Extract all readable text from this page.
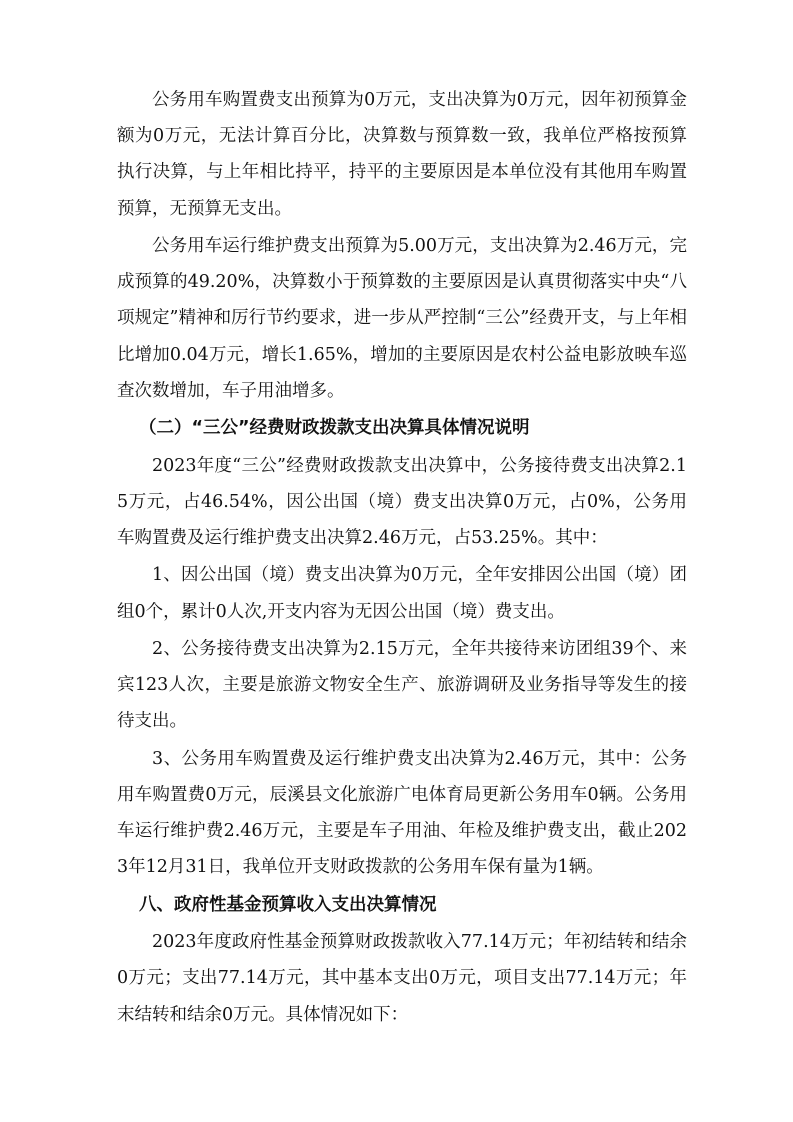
公务用车购置费支出预算为0万元，支出决算为0万元，因年初预算金额为0万元，无法计算百分比，决算数与预算数一致，我单位严格按预算执行决算，与上年相比持平，持平的主要原因是本单位没有其他用车购置预算，无预算无支出。

公务用车运行维护费支出预算为5.00万元，支出决算为2.46万元，完成预算的49.20%，决算数小于预算数的主要原因是认真贯彻落实中央“八项规定”精神和厉行节约要求，进一步从严控制“三公”经费开支，与上年相比增加0.04万元，增长1.65%，增加的主要原因是农村公益电影放映车巡查次数增加，车子用油增多。

（二）“三公”经费财政拨款支出决算具体情况说明

2023年度“三公”经费财政拨款支出决算中，公务接待费支出决算2.15万元，占46.54%，因公出国（境）费支出决算0万元，占0%，公务用车购置费及运行维护费支出决算2.46万元，占53.25%。其中：

1、因公出国（境）费支出决算为0万元，全年安排因公出国（境）团组0个，累计0人次,开支内容为无因公出国（境）费支出。

2、公务接待费支出决算为2.15万元，全年共接待来访团组39个、来宾123人次，主要是旅游文物安全生产、旅游调研及业务指导等发生的接待支出。

3、公务用车购置费及运行维护费支出决算为2.46万元，其中：公务用车购置费0万元，辰溪县文化旅游广电体育局更新公务用车0辆。公务用车运行维护费2.46万元，主要是车子用油、年检及维护费支出，截止2023年12月31日，我单位开支财政拨款的公务用车保有量为1辆。

八、政府性基金预算收入支出决算情况

2023年度政府性基金预算财政拨款收入77.14万元；年初结转和结余0万元；支出77.14万元，其中基本支出0万元，项目支出77.14万元；年末结转和结余0万元。具体情况如下：
